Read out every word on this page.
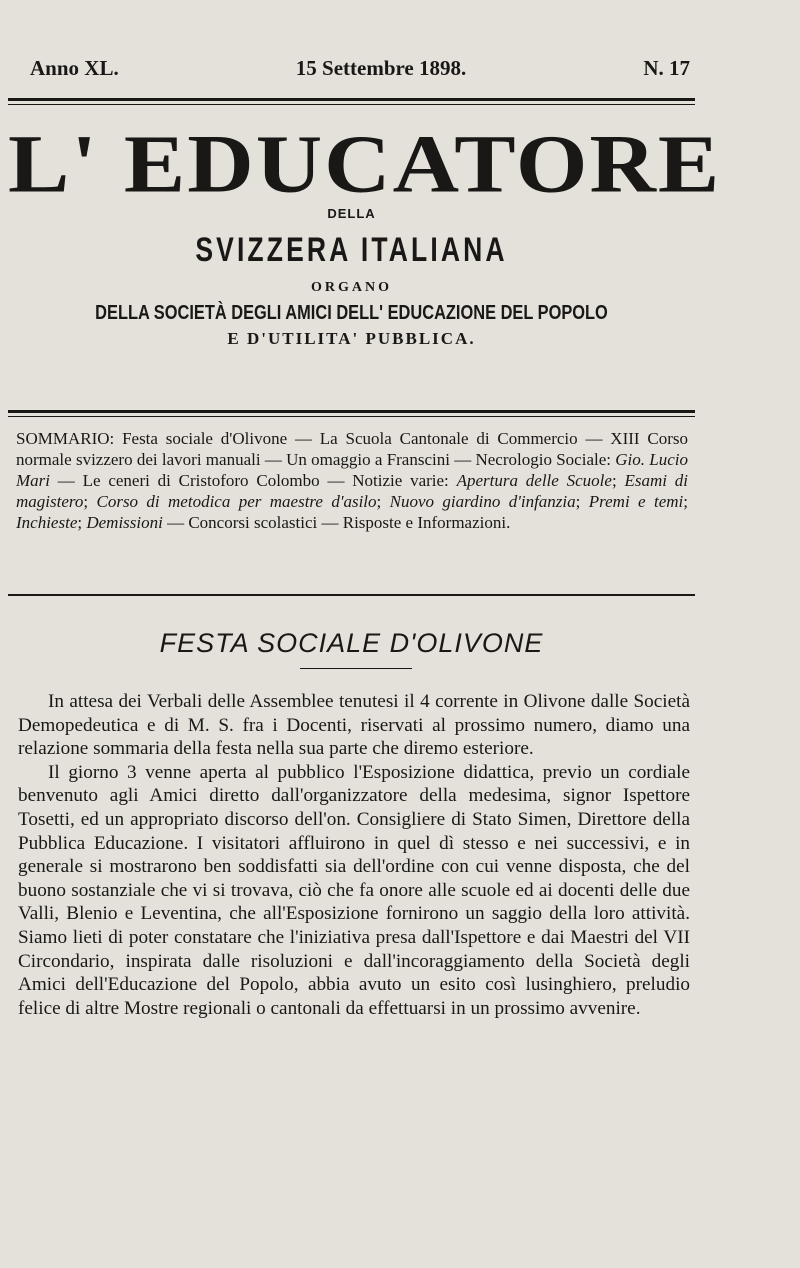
Anno XL.	15 Settembre 1898.	N. 17
L' EDUCATORE
DELLA
SVIZZERA ITALIANA
ORGANO
DELLA SOCIETÀ DEGLI AMICI DELL' EDUCAZIONE DEL POPOLO
E D'UTILITA' PUBBLICA.

SOMMARIO: Festa sociale d'Olivone — La Scuola Cantonale di Commercio — XIII Corso normale svizzero dei lavori manuali — Un omaggio a Franscini — Necrologio Sociale: Gio. Lucio Mari — Le ceneri di Cristoforo Colombo — Notizie varie: Apertura delle Scuole; Esami di magistero; Corso di metodica per maestre d'asilo; Nuovo giardino d'infanzia; Premi e temi; Inchieste; Demissioni — Concorsi scolastici — Risposte e Informazioni.

FESTA SOCIALE D'OLIVONE

In attesa dei Verbali delle Assemblee tenutesi il 4 corrente in Olivone dalle Società Demopedeutica e di M. S. fra i Docenti, riservati al prossimo numero, diamo una relazione sommaria della festa nella sua parte che diremo esteriore.

Il giorno 3 venne aperta al pubblico l'Esposizione didattica, previo un cordiale benvenuto agli Amici diretto dall'organizzatore della medesima, signor Ispettore Tosetti, ed un appropriato discorso dell'on. Consigliere di Stato Simen, Direttore della Pubblica Educazione. I visitatori affluirono in quel dì stesso e nei successivi, e in generale si mostrarono ben soddisfatti sia dell'ordine con cui venne disposta, che del buono sostanziale che vi si trovava, ciò che fa onore alle scuole ed ai docenti delle due Valli, Blenio e Leventina, che all'Esposizione fornirono un saggio della loro attività. Siamo lieti di poter constatare che l'iniziativa presa dall'Ispettore e dai Maestri del VII Circondario, inspirata dalle risoluzioni e dall'incoraggiamento della Società degli Amici dell'Educazione del Popolo, abbia avuto un esito così lusinghiero, preludio felice di altre Mostre regionali o cantonali da effettuarsi in un prossimo avvenire.
